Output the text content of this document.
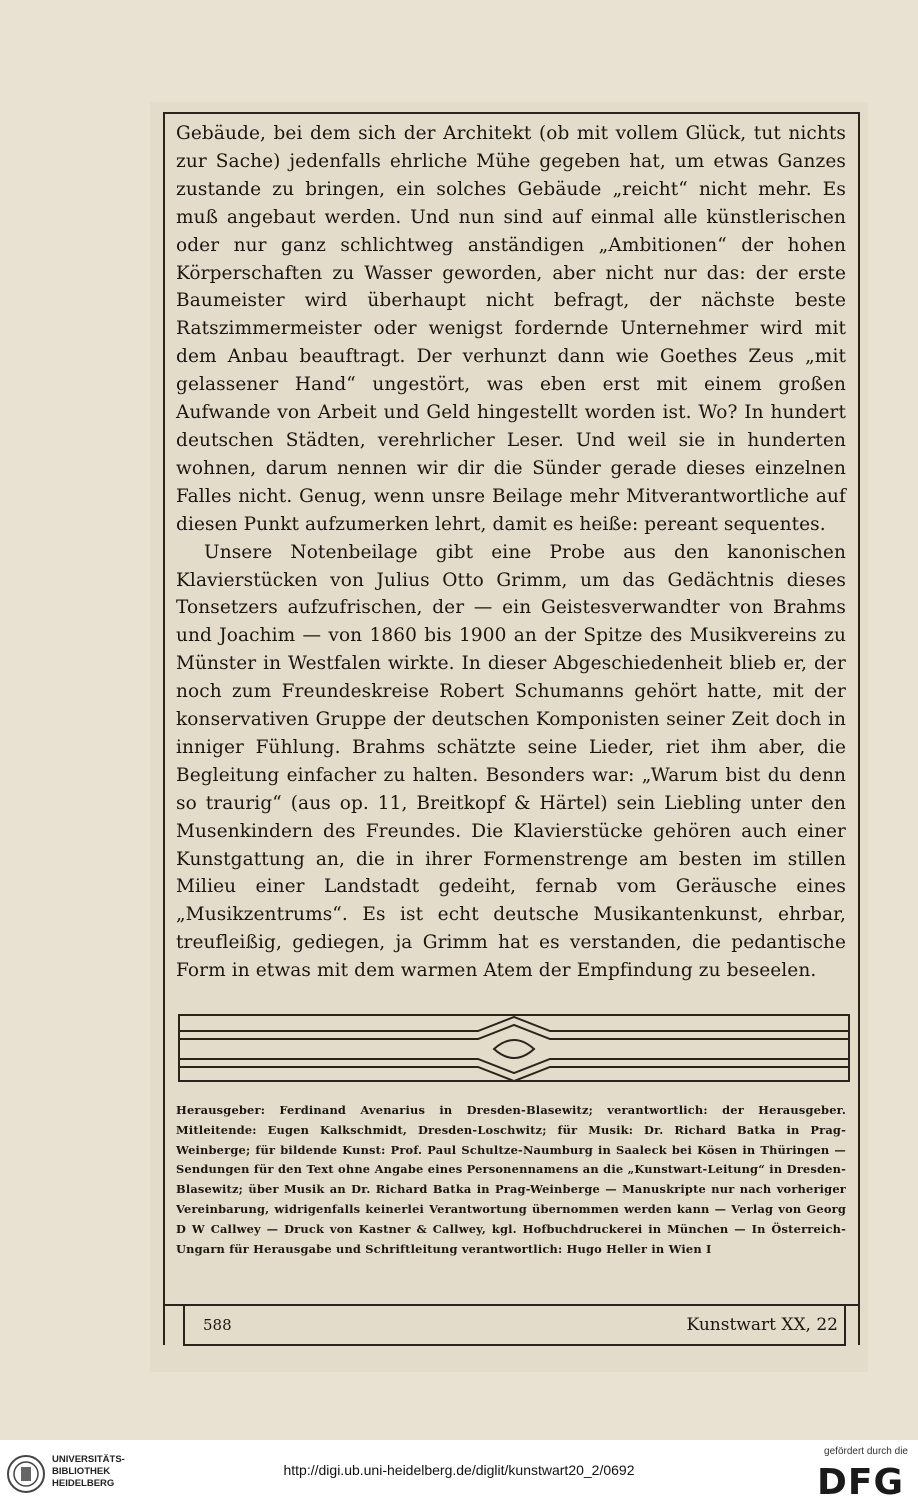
Gebäude, bei dem sich der Architekt (ob mit vollem Glück, tut nichts zur Sache) jedenfalls ehrliche Mühe gegeben hat, um etwas Ganzes zustande zu bringen, ein solches Gebäude „reicht“ nicht mehr. Es muß angebaut werden. Und nun sind auf einmal alle künstlerischen oder nur ganz schlichtweg anständigen „Ambitionen“ der hohen Körperschaften zu Wasser geworden, aber nicht nur das: der erste Baumeister wird überhaupt nicht befragt, der nächste beste Ratszimmermeister oder wenigst fordernde Unternehmer wird mit dem Anbau beauftragt. Der verhunzt dann wie Goethes Zeus „mit gelassener Hand“ ungestört, was eben erst mit einem großen Aufwande von Arbeit und Geld hingestellt worden ist. Wo? In hundert deutschen Städten, verehrlicher Leser. Und weil sie in hunderten wohnen, darum nennen wir dir die Sünder gerade dieses einzelnen Falles nicht. Genug, wenn unsre Beilage mehr Mitverantwortliche auf diesen Punkt aufzumerken lehrt, damit es heiße: pereant sequentes.

Unsere Notenbeilage gibt eine Probe aus den kanonischen Klavierstücken von Julius Otto Grimm, um das Gedächtnis dieses Tonsetzers aufzufrischen, der — ein Geistesverwandter von Brahms und Joachim — von 1860 bis 1900 an der Spitze des Musikvereins zu Münster in Westfalen wirkte. In dieser Abgeschiedenheit blieb er, der noch zum Freundeskreise Robert Schumanns gehört hatte, mit der konservativen Gruppe der deutschen Komponisten seiner Zeit doch in inniger Fühlung. Brahms schätzte seine Lieder, riet ihm aber, die Begleitung einfacher zu halten. Besonders war: „Warum bist du denn so traurig“ (aus op. 11, Breitkopf & Härtel) sein Liebling unter den Musenkindern des Freundes. Die Klavierstücke gehören auch einer Kunstgattung an, die in ihrer Formenstrenge am besten im stillen Milieu einer Landstadt gedeiht, fernab vom Geräusche eines „Musikzentrums“. Es ist echt deutsche Musikantenkunst, ehrbar, treufleißig, gediegen, ja Grimm hat es verstanden, die pedantische Form in etwas mit dem warmen Atem der Empfindung zu beseelen.

Herausgeber: Ferdinand Avenarius in Dresden-Blasewitz; verantwortlich: der Herausgeber. Mitleitende: Eugen Kalkschmidt, Dresden-Loschwitz; für Musik: Dr. Richard Batka in Prag-Weinberge; für bildende Kunst: Prof. Paul Schultze-Naumburg in Saaleck bei Kösen in Thüringen — Sendungen für den Text ohne Angabe eines Personennamens an die „Kunstwart-Leitung“ in Dresden-Blasewitz; über Musik an Dr. Richard Batka in Prag-Weinberge — Manuskripte nur nach vorheriger Vereinbarung, widrigenfalls keinerlei Verantwortung übernommen werden kann — Verlag von Georg D W Callwey — Druck von Kastner & Callwey, kgl. Hofbuchdruckerei in München — In Österreich-Ungarn für Herausgabe und Schriftleitung verantwortlich: Hugo Heller in Wien I
588	Kunstwart XX, 22
UNIVERSITÄTS-
BIBLIOTHEK
HEIDELBERG
http://digi.ub.uni-heidelberg.de/diglit/kunstwart20_2/0692
gefördert durch die
DFG
